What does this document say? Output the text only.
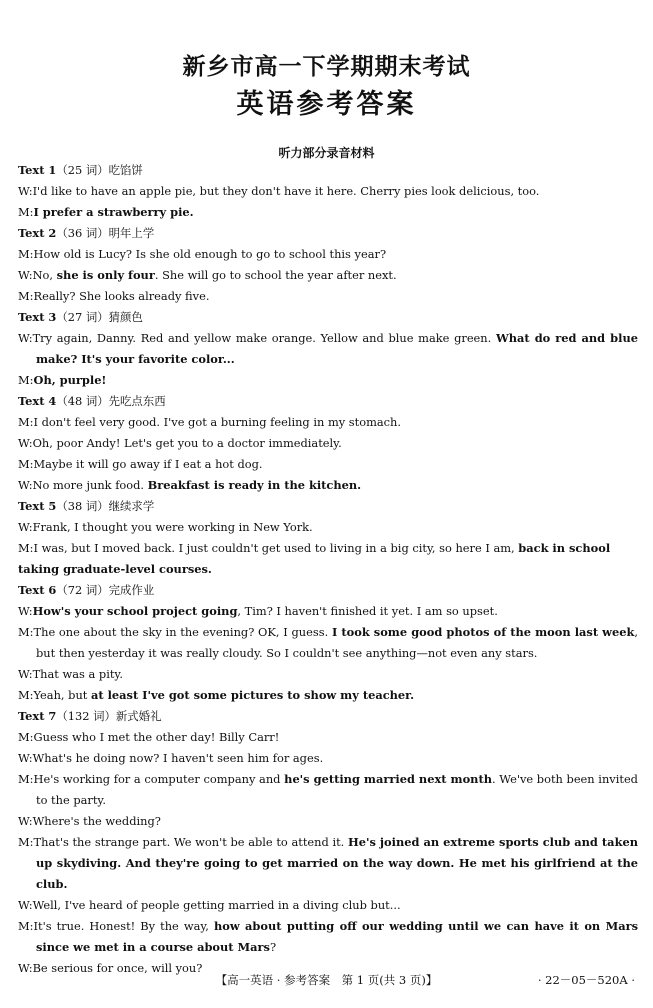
新乡市高一下学期期末考试
英语参考答案
听力部分录音材料
Text 1（25 词）吃馅饼
W:I'd like to have an apple pie, but they don't have it here. Cherry pies look delicious, too.
M:I prefer a strawberry pie.
Text 2（36 词）明年上学
M:How old is Lucy? Is she old enough to go to school this year?
W:No, she is only four. She will go to school the year after next.
M:Really? She looks already five.
Text 3（27 词）猜颜色
W:Try again, Danny. Red and yellow make orange. Yellow and blue make green. What do red and blue make? It's your favorite color...
M:Oh, purple!
Text 4（48 词）先吃点东西
M:I don't feel very good. I've got a burning feeling in my stomach.
W:Oh, poor Andy! Let's get you to a doctor immediately.
M:Maybe it will go away if I eat a hot dog.
W:No more junk food. Breakfast is ready in the kitchen.
Text 5（38 词）继续求学
W:Frank, I thought you were working in New York.
M:I was, but I moved back. I just couldn't get used to living in a big city, so here I am, back in school taking graduate-level courses.
Text 6（72 词）完成作业
W:How's your school project going, Tim? I haven't finished it yet. I am so upset.
M:The one about the sky in the evening? OK, I guess. I took some good photos of the moon last week, but then yesterday it was really cloudy. So I couldn't see anything—not even any stars.
W:That was a pity.
M:Yeah, but at least I've got some pictures to show my teacher.
Text 7（132 词）新式婚礼
M:Guess who I met the other day! Billy Carr!
W:What's he doing now? I haven't seen him for ages.
M:He's working for a computer company and he's getting married next month. We've both been invited to the party.
W:Where's the wedding?
M:That's the strange part. We won't be able to attend it. He's joined an extreme sports club and taken up skydiving. And they're going to get married on the way down. He met his girlfriend at the club.
W:Well, I've heard of people getting married in a diving club but...
M:It's true. Honest! By the way, how about putting off our wedding until we can have it on Mars since we met in a course about Mars?
W:Be serious for once, will you?
【高一英语 · 参考答案　第 1 页(共 3 页)】	· 22－05－520A ·
